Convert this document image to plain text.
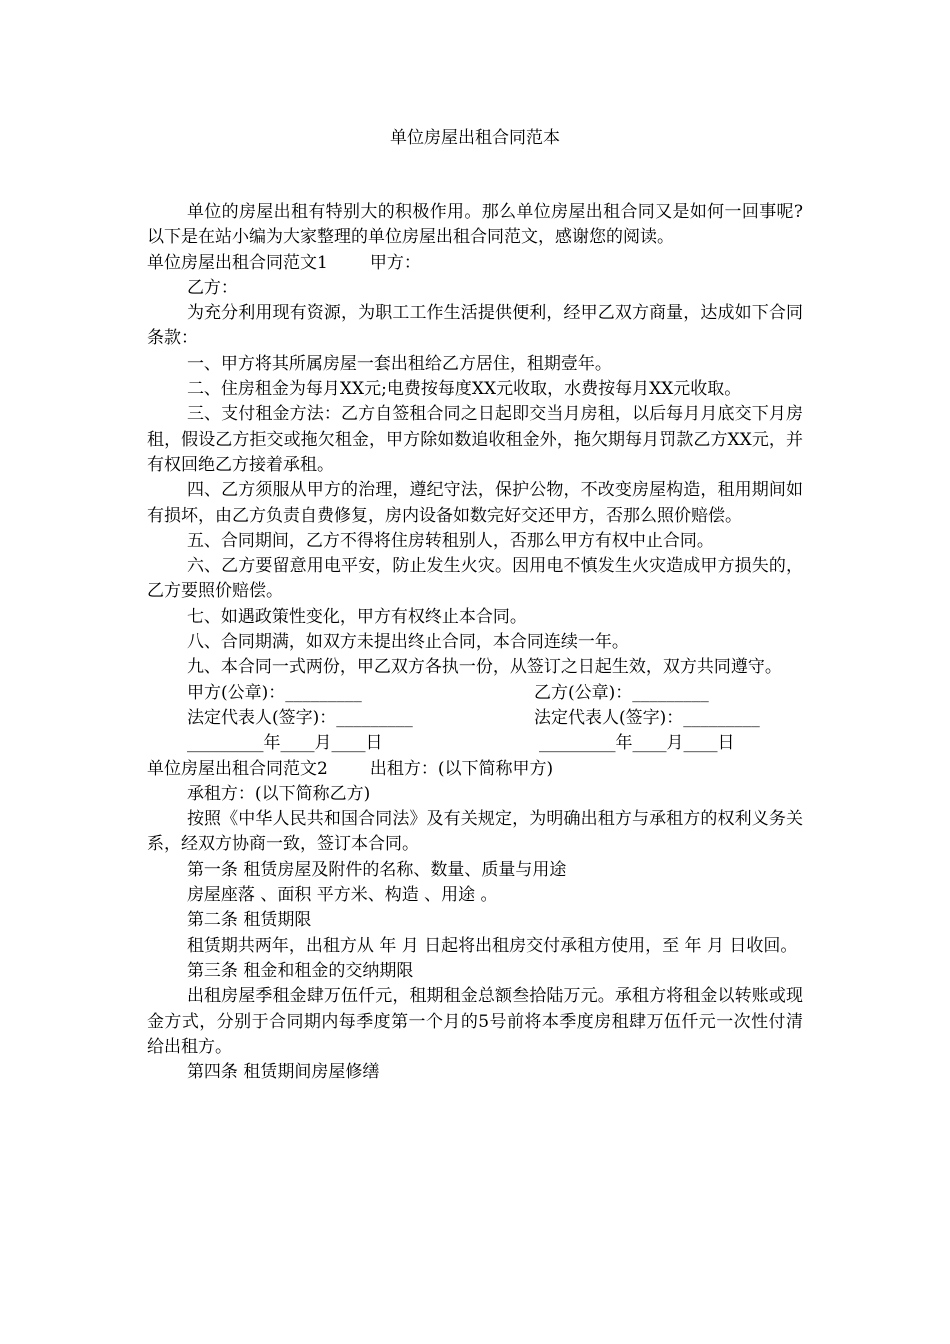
单位房屋出租合同范本

单位的房屋出租有特别大的积极作用。那么单位房屋出租合同又是如何一回事呢?以下是在站小编为大家整理的单位房屋出租合同范文，感谢您的阅读。

单位房屋出租合同范文1 甲方：

乙方：

为充分利用现有资源，为职工工作生活提供便利，经甲乙双方商量，达成如下合同条款：

一、甲方将其所属房屋一套出租给乙方居住，租期壹年。

二、住房租金为每月XX元;电费按每度XX元收取，水费按每月XX元收取。

三、支付租金方法：乙方自签租合同之日起即交当月房租，以后每月月底交下月房租，假设乙方拒交或拖欠租金，甲方除如数追收租金外，拖欠期每月罚款乙方XX元，并有权回绝乙方接着承租。

四、乙方须服从甲方的治理，遵纪守法，保护公物，不改变房屋构造，租用期间如有损坏，由乙方负责自费修复，房内设备如数完好交还甲方，否那么照价赔偿。

五、合同期间，乙方不得将住房转租别人，否那么甲方有权中止合同。

六、乙方要留意用电平安，防止发生火灾。因用电不慎发生火灾造成甲方损失的，乙方要照价赔偿。

七、如遇政策性变化，甲方有权终止本合同。

八、合同期满，如双方未提出终止合同，本合同连续一年。

九、本合同一式两份，甲乙双方各执一份，从签订之日起生效，双方共同遵守。

甲方(公章)：_________	乙方(公章)：_________
法定代表人(签字)：_________	法定代表人(签字)：_________
_________年____月____日	_________年____月____日

单位房屋出租合同范文2 出租方：(以下简称甲方)

承租方：(以下简称乙方)

按照《中华人民共和国合同法》及有关规定，为明确出租方与承租方的权利义务关系，经双方协商一致，签订本合同。

第一条 租赁房屋及附件的名称、数量、质量与用途

房屋座落 、面积 平方米、构造 、用途 。

第二条 租赁期限

租赁期共两年，出租方从 年 月 日起将出租房交付承租方使用，至 年 月 日收回。

第三条 租金和租金的交纳期限

出租房屋季租金肆万伍仟元，租期租金总额叁拾陆万元。承租方将租金以转账或现金方式，分别于合同期内每季度第一个月的5号前将本季度房租肆万伍仟元一次性付清给出租方。

第四条 租赁期间房屋修缮
